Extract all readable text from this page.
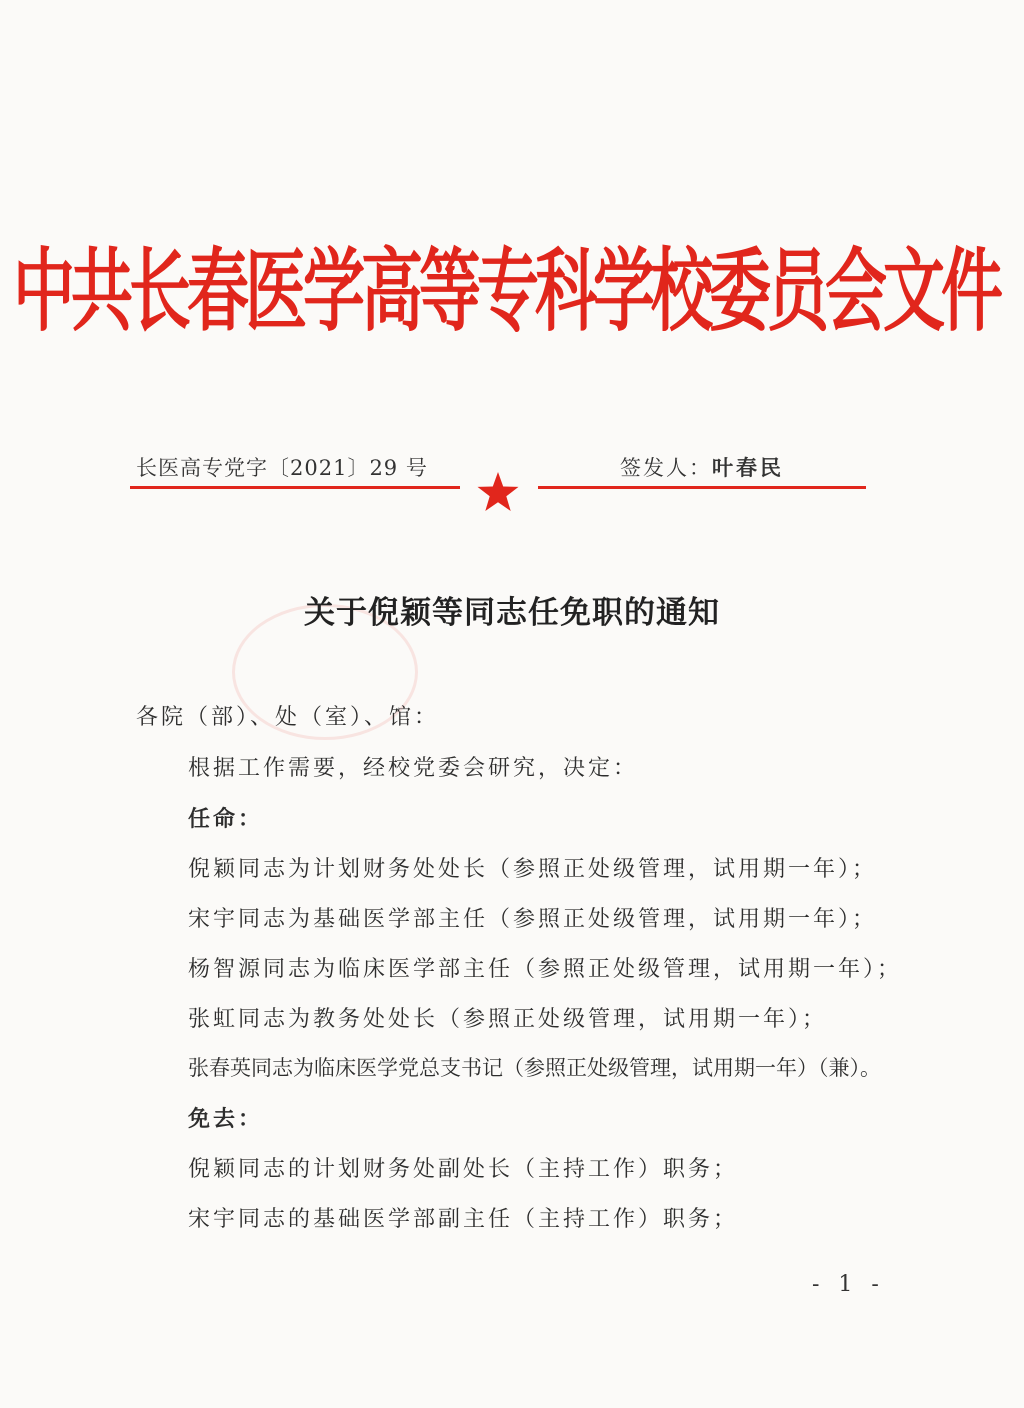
中共长春医学高等专科学校委员会文件
长医高专党字〔2021〕29 号	签发人：叶春民
关于倪颖等同志任免职的通知
各院（部）、处（室）、馆：
根据工作需要，经校党委会研究，决定：
任命：
倪颖同志为计划财务处处长（参照正处级管理，试用期一年）；
宋宇同志为基础医学部主任（参照正处级管理，试用期一年）；
杨智源同志为临床医学部主任（参照正处级管理，试用期一年）；
张虹同志为教务处处长（参照正处级管理，试用期一年）；
张春英同志为临床医学党总支书记（参照正处级管理，试用期一年）（兼）。
免去：
倪颖同志的计划财务处副处长（主持工作）职务；
宋宇同志的基础医学部副主任（主持工作）职务；
- 1 -
